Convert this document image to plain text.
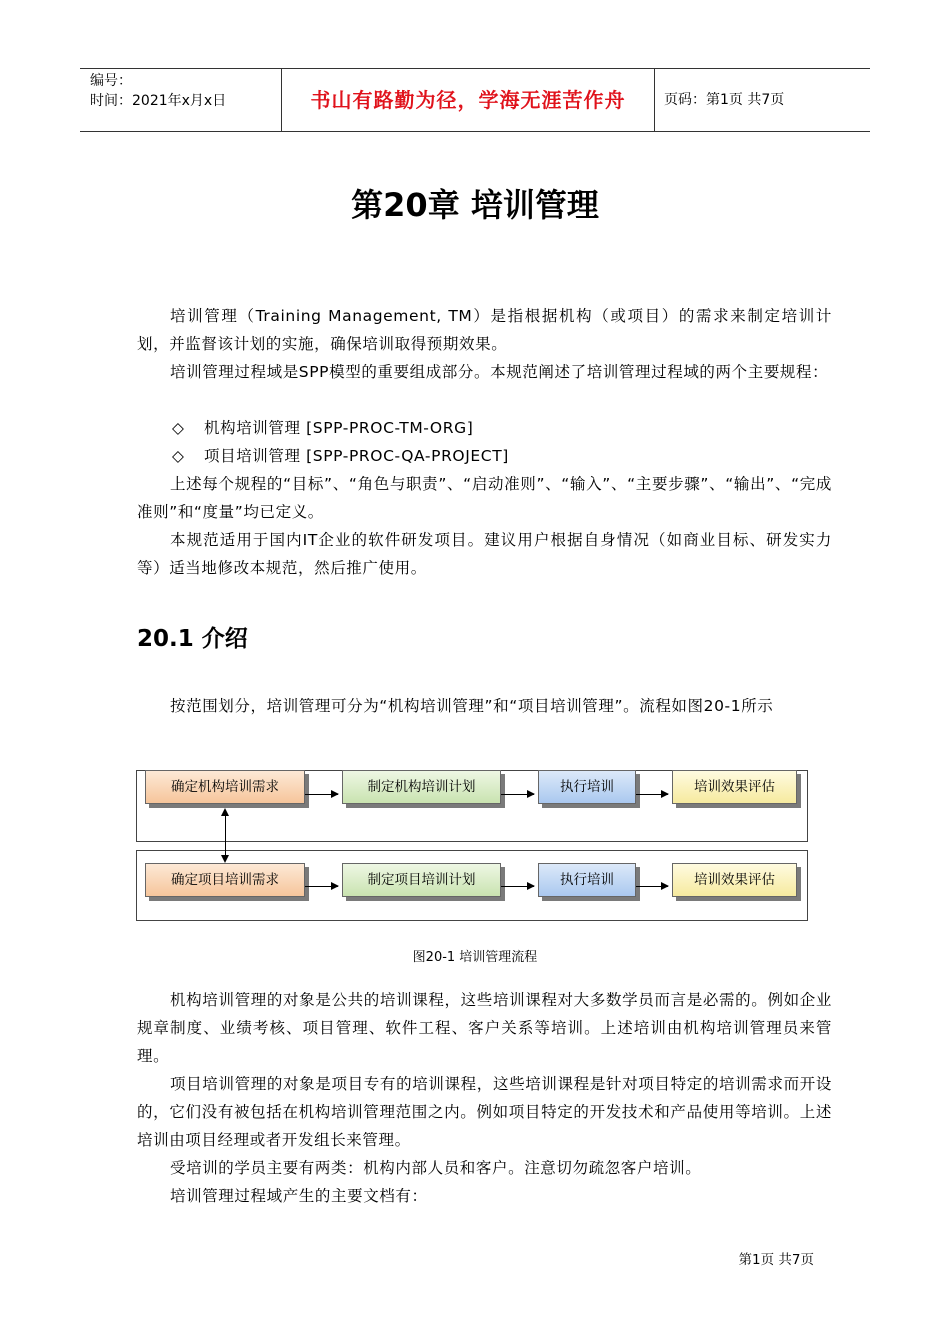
编号：
时间：2021年x月x日	书山有路勤为径，学海无涯苦作舟	页码：第1页 共7页
第20章 培训管理

培训管理（Training Management, TM）是指根据机构（或项目）的需求来制定培训计划，并监督该计划的实施，确保培训取得预期效果。

培训管理过程域是SPP模型的重要组成部分。本规范阐述了培训管理过程域的两个主要规程：

◇ 机构培训管理 [SPP-PROC-TM-ORG]
◇ 项目培训管理 [SPP-PROC-QA-PROJECT]

上述每个规程的“目标”、“角色与职责”、“启动准则”、“输入”、“主要步骤”、“输出”、“完成准则”和“度量”均已定义。

本规范适用于国内IT企业的软件研发项目。建议用户根据自身情况（如商业目标、研发实力等）适当地修改本规范，然后推广使用。

20.1 介绍

按范围划分，培训管理可分为“机构培训管理”和“项目培训管理”。流程如图20-1所示

确定机构培训需求	制定机构培训计划	执行培训	培训效果评估
确定项目培训需求	制定项目培训计划	执行培训	培训效果评估
图20-1 培训管理流程

机构培训管理的对象是公共的培训课程，这些培训课程对大多数学员而言是必需的。例如企业规章制度、业绩考核、项目管理、软件工程、客户关系等培训。上述培训由机构培训管理员来管理。

项目培训管理的对象是项目专有的培训课程，这些培训课程是针对项目特定的培训需求而开设的，它们没有被包括在机构培训管理范围之内。例如项目特定的开发技术和产品使用等培训。上述培训由项目经理或者开发组长来管理。

受培训的学员主要有两类：机构内部人员和客户。注意切勿疏忽客户培训。

培训管理过程域产生的主要文档有：

第1页 共7页
